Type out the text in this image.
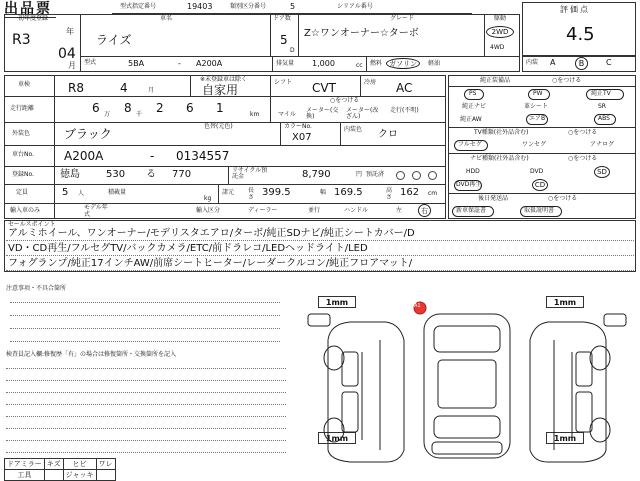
出品票	型式指定番号	19403	類別区分番号	5	シリアル番号
初年度登録
R3
年
04
月
車名
ライズ
ドア数
5
D
グレード
Z☆ワンオーナー☆ターボ
駆動
2WD
4WD
評価点
4.5
型式	5BA	- A200A	排気量 1,000	cc 燃料 ガソリン 軽油	内装 A	B	C
車検	R8	4	月
※未登録車は除く
自家用
シフト CVT	冷房 AC
走行距離	6 万 8 千 2 6 1	km
○をつける
マイル
メーター(交換)
メーター(改ざん)
走行(不明)
外装色
色替(元色)
ブラック
カラーNo.
X07
内装色 クロ
車台No.	A200A	- 0134557
登録No.	徳島	530 る 770	リサイクル預託金	8,790	円 預託済
定員	5 人	積載量
kg
諸元 長さ 399.5	幅 169.5	高さ 162 cm
輸入車のみ	モデル年式
輸入区分	ディーラー	並行	ハンドル	左	右
純正装備品	○をつける
PS	PW	純正TV
純正ナビ	革シート	SR
純正AW	エアB	ABS
TV種類(社外品含む)	○をつける
フルセグ	ワンセグ	アナログ
ナビ種類(社外品含む)	○をつける
HDD	DVD	SD
DVD再生	CD
後日発送品	○をつける
新車保証書	取扱説明書
セールスポイント
アルミホイール、ワンオーナー/モデリスタエアロ/ターボ/純正SDナビ/純正シートカバー/D
VD・CD再生/フルセグTV/バックカメラ/ETC/前ドラレコ/LEDヘッドライト/LED
フォグランプ/純正17インチAW/前席シートヒーター/レーダークルコン/純正フロアマット/
注意事項・不具合箇所
検査員記入欄:修復歴「有」の場合は修復箇所・交換箇所を記入
ドアミラー	キズ	ヒビ	ワレ
工具		ジャッキ	
1mm	1mm
1mm	1mm
A1
